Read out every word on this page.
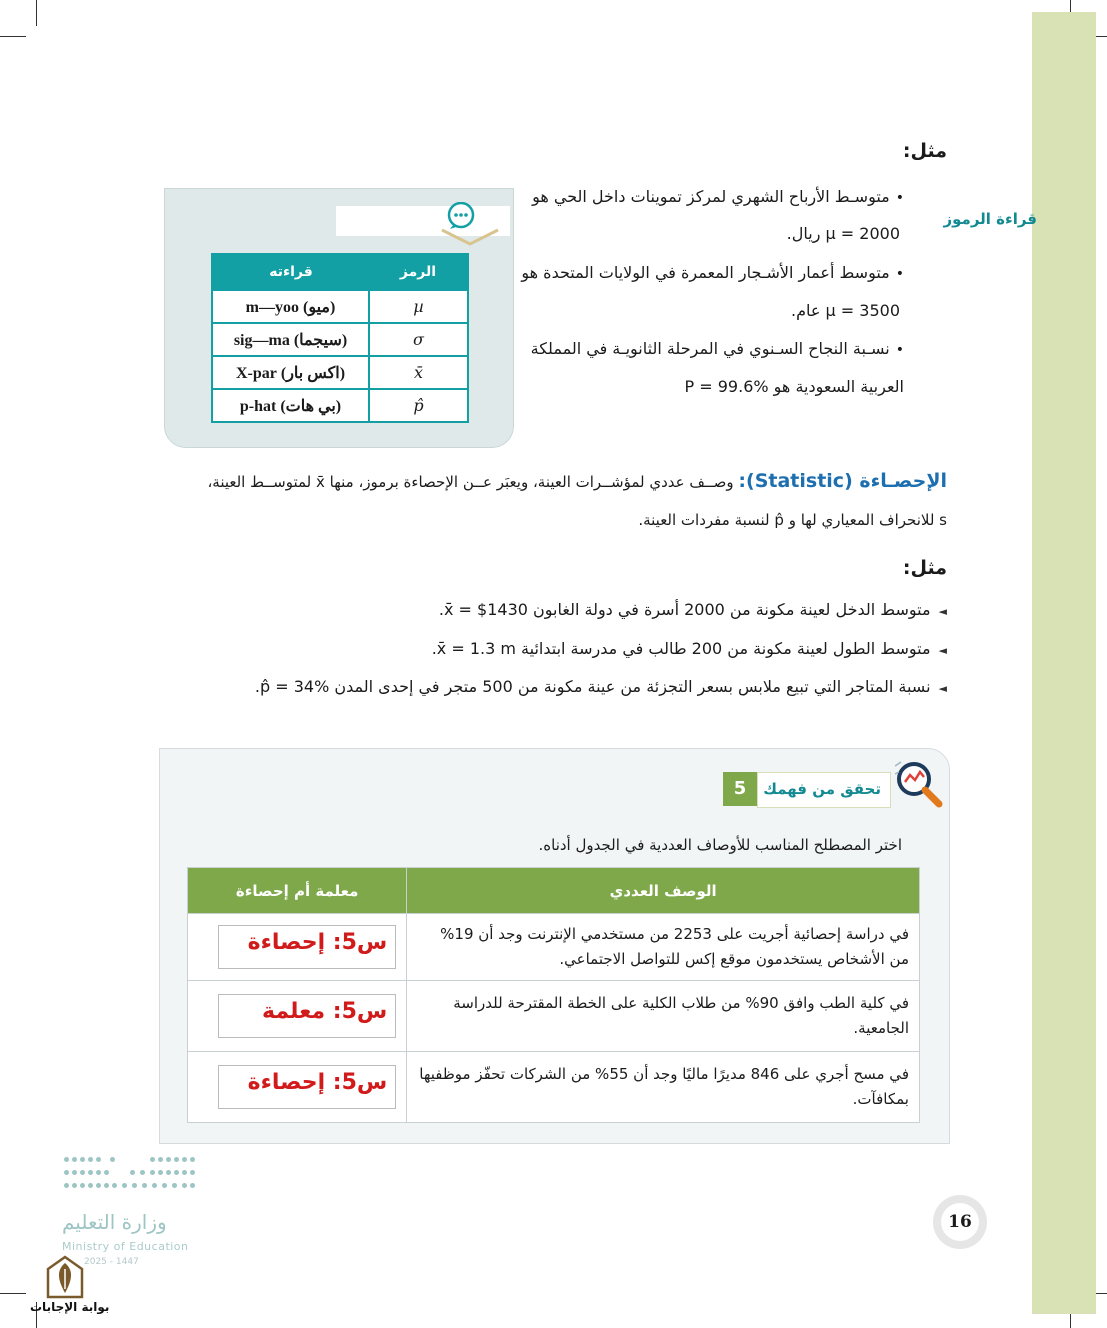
مثل:
•متوسـط الأرباح الشهري لمركز تموينات داخل الحي هو
µ = 2000 ريال.
•متوسط أعمار الأشـجار المعمرة في الولايات المتحدة هو
µ = 3500 عام.
•نسـبة النجاح السـنوي في المرحلة الثانويـة في المملكة
العربية السعودية هو P = 99.6%
قراءة الرموز
الرمز	قراءته
µ	(ميو) m—yoo
σ	(سيجما) sig—ma
x̄	(اكس بار) X-par
p̂	(بي هات) p-hat
الإحصـاءة (Statistic): وصــف عددي لمؤشــرات العينة، ويعبَر عــن الإحصاءة برموز، منها x̄ لمتوســط العينة،
s للانحراف المعياري لها و p̂ لنسبة مفردات العينة.
مثل:
◄متوسط الدخل لعينة مكونة من 2000 أسرة في دولة الغابون 1430$ = x̄.
◄متوسط الطول لعينة مكونة من 200 طالب في مدرسة ابتدائية x̄ = 1.3 m.
◄نسبة المتاجر التي تبيع ملابس بسعر التجزئة من عينة مكونة من 500 متجر في إحدى المدن p̂ = 34%.
5	تحقق من فهمك
اختر المصطلح المناسب للأوصاف العددية في الجدول أدناه.
الوصف العددي	معلمة أم إحصاءة
في دراسة إحصائية أجريت على 2253 من مستخدمي الإنترنت وجد أن 19% من الأشخاص يستخدمون موقع إكس للتواصل الاجتماعي.	س5: إحصاءة

في كلية الطب وافق 90% من طلاب الكلية على الخطة المقترحة للدراسة الجامعية.	س5: معلمة

في مسح أجري على 846 مديرًا ماليًا وجد أن 55% من الشركات تحفّز موظفيها بمكافآت.	س5: إحصاءة
16
وزارة التعليم
Ministry of Education
2025 - 1447
بوابة الإجابات
